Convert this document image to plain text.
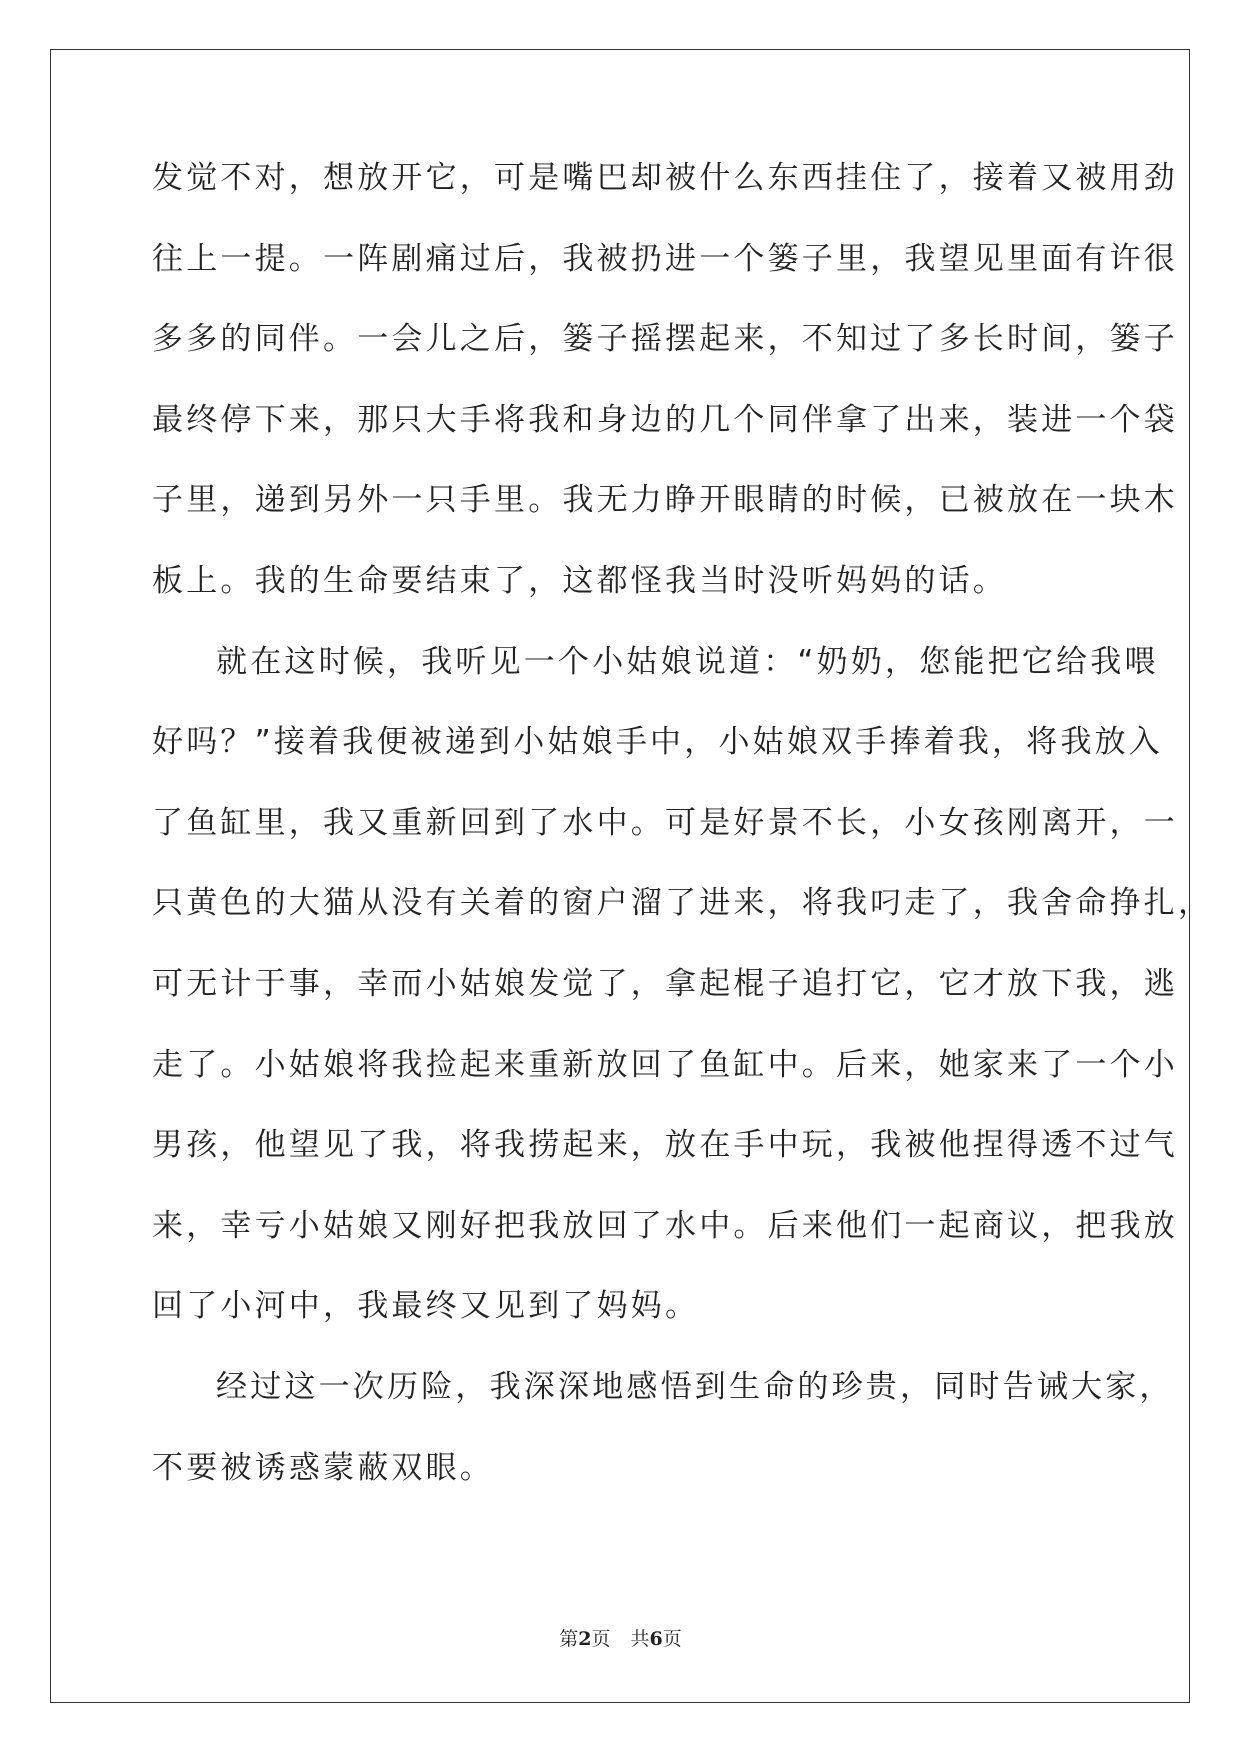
发觉不对，想放开它，可是嘴巴却被什么东西挂住了，接着又被用劲
往上一提。一阵剧痛过后，我被扔进一个篓子里，我望见里面有许很
多多的同伴。一会儿之后，篓子摇摆起来，不知过了多长时间，篓子
最终停下来，那只大手将我和身边的几个同伴拿了出来，装进一个袋
子里，递到另外一只手里。我无力睁开眼睛的时候，已被放在一块木
板上。我的生命要结束了，这都怪我当时没听妈妈的话。
就在这时候，我听见一个小姑娘说道：“奶奶，您能把它给我喂
好吗？”接着我便被递到小姑娘手中，小姑娘双手捧着我，将我放入
了鱼缸里，我又重新回到了水中。可是好景不长，小女孩刚离开，一
只黄色的大猫从没有关着的窗户溜了进来，将我叼走了，我舍命挣扎，
可无计于事，幸而小姑娘发觉了，拿起棍子追打它，它才放下我，逃
走了。小姑娘将我捡起来重新放回了鱼缸中。后来，她家来了一个小
男孩，他望见了我，将我捞起来，放在手中玩，我被他捏得透不过气
来，幸亏小姑娘又刚好把我放回了水中。后来他们一起商议，把我放
回了小河中，我最终又见到了妈妈。
经过这一次历险，我深深地感悟到生命的珍贵，同时告诫大家，
不要被诱惑蒙蔽双眼。
第2页 共6页
